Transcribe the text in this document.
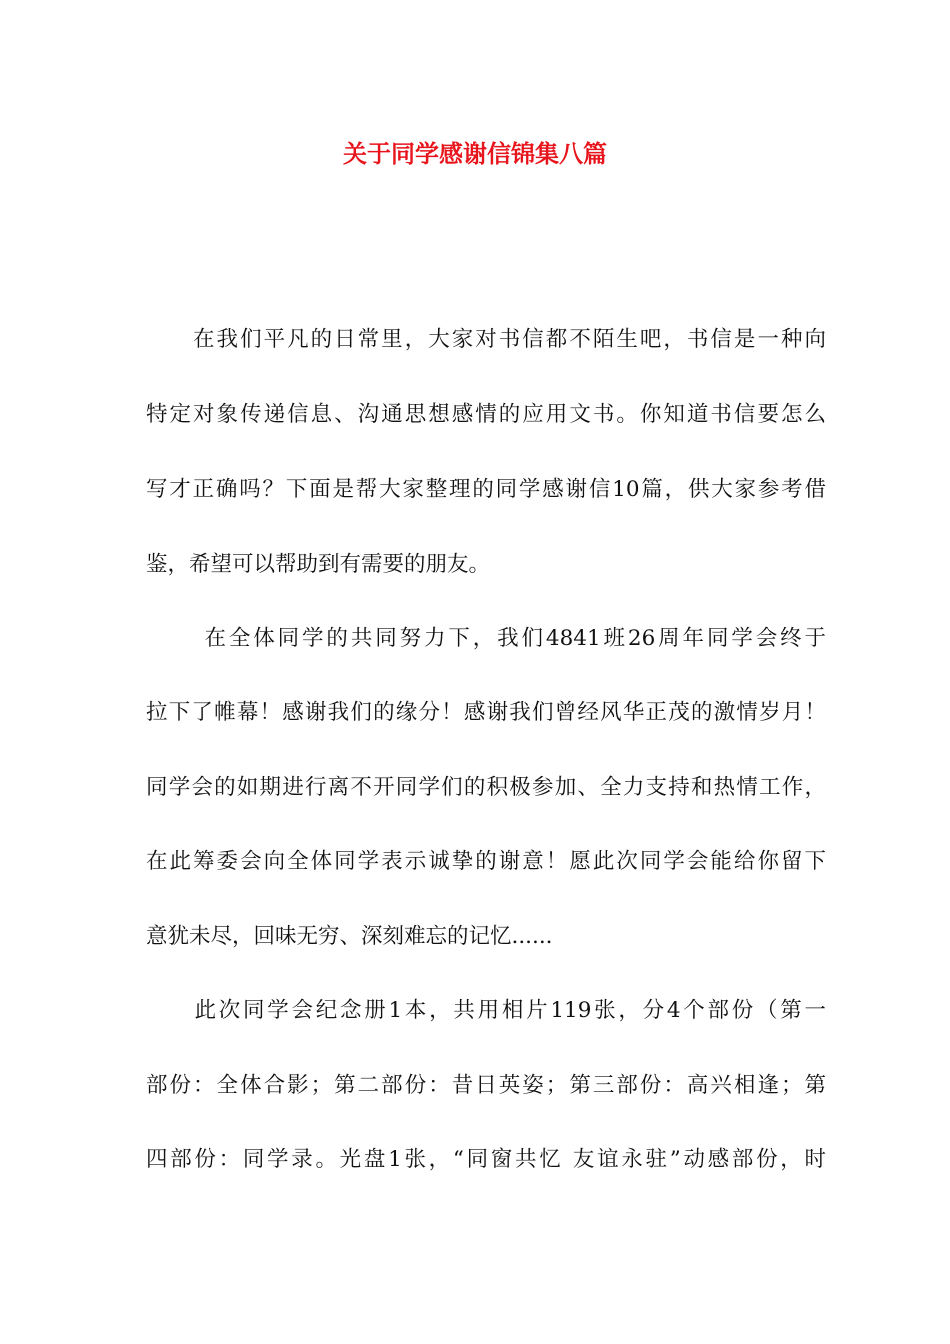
关于同学感谢信锦集八篇
　　在我们平凡的日常里，大家对书信都不陌生吧，书信是一种向
特定对象传递信息、沟通思想感情的应用文书。你知道书信要怎么
写才正确吗？下面是帮大家整理的同学感谢信10篇，供大家参考借
鉴，希望可以帮助到有需要的朋友。
　　 在全体同学的共同努力下，我们4841班26周年同学会终于
拉下了帷幕！感谢我们的缘分！感谢我们曾经风华正茂的激情岁月！
同学会的如期进行离不开同学们的积极参加、全力支持和热情工作，
在此筹委会向全体同学表示诚挚的谢意！愿此次同学会能给你留下
意犹未尽，回味无穷、深刻难忘的记忆......
　　此次同学会纪念册1本，共用相片119张，分4个部份（第一
部份：全体合影；第二部份：昔日英姿；第三部份：高兴相逢；第
四部份：同学录。光盘1张，“同窗共忆 友谊永驻”动感部份，时
